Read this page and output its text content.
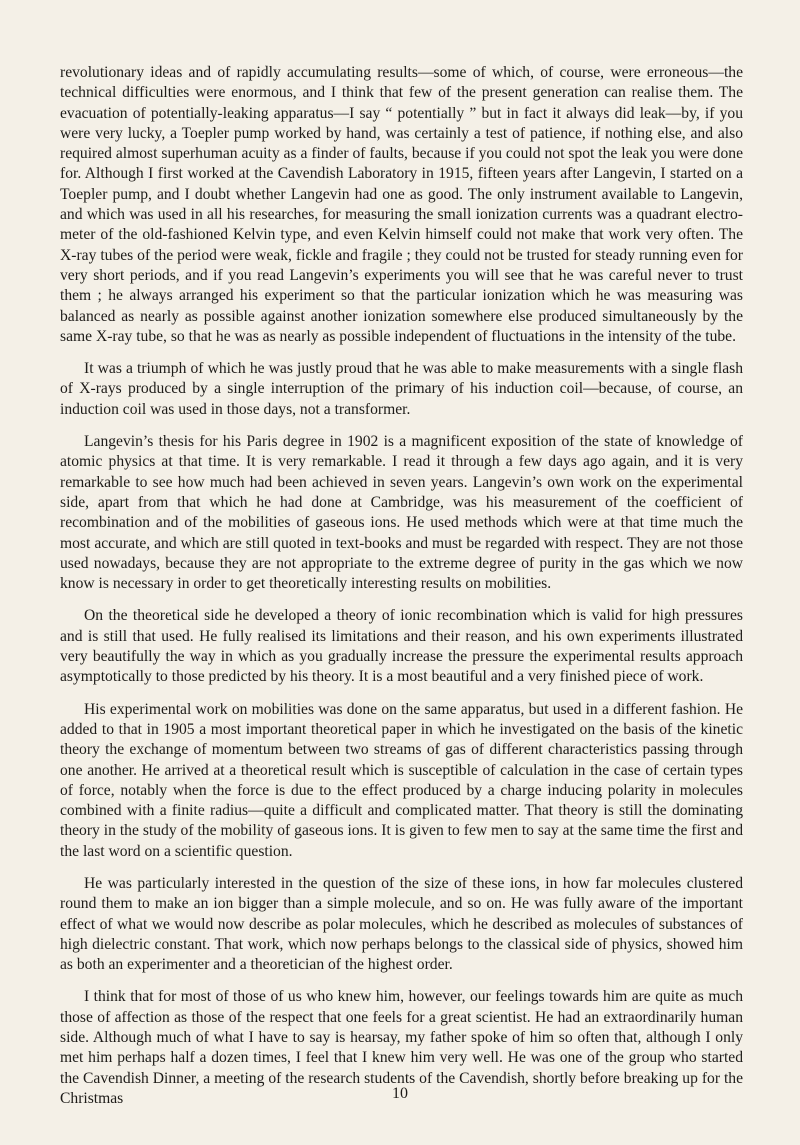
revolutionary ideas and of rapidly accumulating results—some of which, of course, were erroneous—the technical difficulties were enormous, and I think that few of the present generation can realise them. The evacuation of potentially-leaking apparatus—I say “ potentially ” but in fact it always did leak—by, if you were very lucky, a Toepler pump worked by hand, was certainly a test of patience, if nothing else, and also required almost superhuman acuity as a finder of faults, because if you could not spot the leak you were done for. Although I first worked at the Cavendish Laboratory in 1915, fifteen years after Langevin, I started on a Toepler pump, and I doubt whether Langevin had one as good. The only instrument available to Langevin, and which was used in all his researches, for measuring the small ionization currents was a quadrant electro-meter of the old-fashioned Kelvin type, and even Kelvin himself could not make that work very often. The X-ray tubes of the period were weak, fickle and fragile ; they could not be trusted for steady running even for very short periods, and if you read Langevin’s experiments you will see that he was careful never to trust them ; he always arranged his experiment so that the particular ionization which he was measuring was balanced as nearly as possible against another ionization somewhere else produced simultaneously by the same X-ray tube, so that he was as nearly as possible independent of fluctuations in the intensity of the tube.

It was a triumph of which he was justly proud that he was able to make measurements with a single flash of X-rays produced by a single interruption of the primary of his induction coil—because, of course, an induction coil was used in those days, not a transformer.

Langevin’s thesis for his Paris degree in 1902 is a magnificent exposition of the state of knowledge of atomic physics at that time. It is very remarkable. I read it through a few days ago again, and it is very remarkable to see how much had been achieved in seven years. Langevin’s own work on the experimental side, apart from that which he had done at Cambridge, was his measurement of the coefficient of recombination and of the mobilities of gaseous ions. He used methods which were at that time much the most accurate, and which are still quoted in text-books and must be regarded with respect. They are not those used nowadays, because they are not appropriate to the extreme degree of purity in the gas which we now know is necessary in order to get theoretically interesting results on mobilities.

On the theoretical side he developed a theory of ionic recombination which is valid for high pressures and is still that used. He fully realised its limitations and their reason, and his own experiments illustrated very beautifully the way in which as you gradually increase the pressure the experimental results approach asymptotically to those predicted by his theory. It is a most beautiful and a very finished piece of work.

His experimental work on mobilities was done on the same apparatus, but used in a different fashion. He added to that in 1905 a most important theoretical paper in which he investigated on the basis of the kinetic theory the exchange of momentum between two streams of gas of different characteristics passing through one another. He arrived at a theoretical result which is susceptible of calculation in the case of certain types of force, notably when the force is due to the effect produced by a charge inducing polarity in molecules combined with a finite radius—quite a difficult and complicated matter. That theory is still the dominating theory in the study of the mobility of gaseous ions. It is given to few men to say at the same time the first and the last word on a scientific question.

He was particularly interested in the question of the size of these ions, in how far molecules clustered round them to make an ion bigger than a simple molecule, and so on. He was fully aware of the important effect of what we would now describe as polar molecules, which he described as molecules of substances of high dielectric constant. That work, which now perhaps belongs to the classical side of physics, showed him as both an experimenter and a theoretician of the highest order.

I think that for most of those of us who knew him, however, our feelings towards him are quite as much those of affection as those of the respect that one feels for a great scientist. He had an extraordinarily human side. Although much of what I have to say is hearsay, my father spoke of him so often that, although I only met him perhaps half a dozen times, I feel that I knew him very well. He was one of the group who started the Cavendish Dinner, a meeting of the research students of the Cavendish, shortly before breaking up for the Christmas	10
